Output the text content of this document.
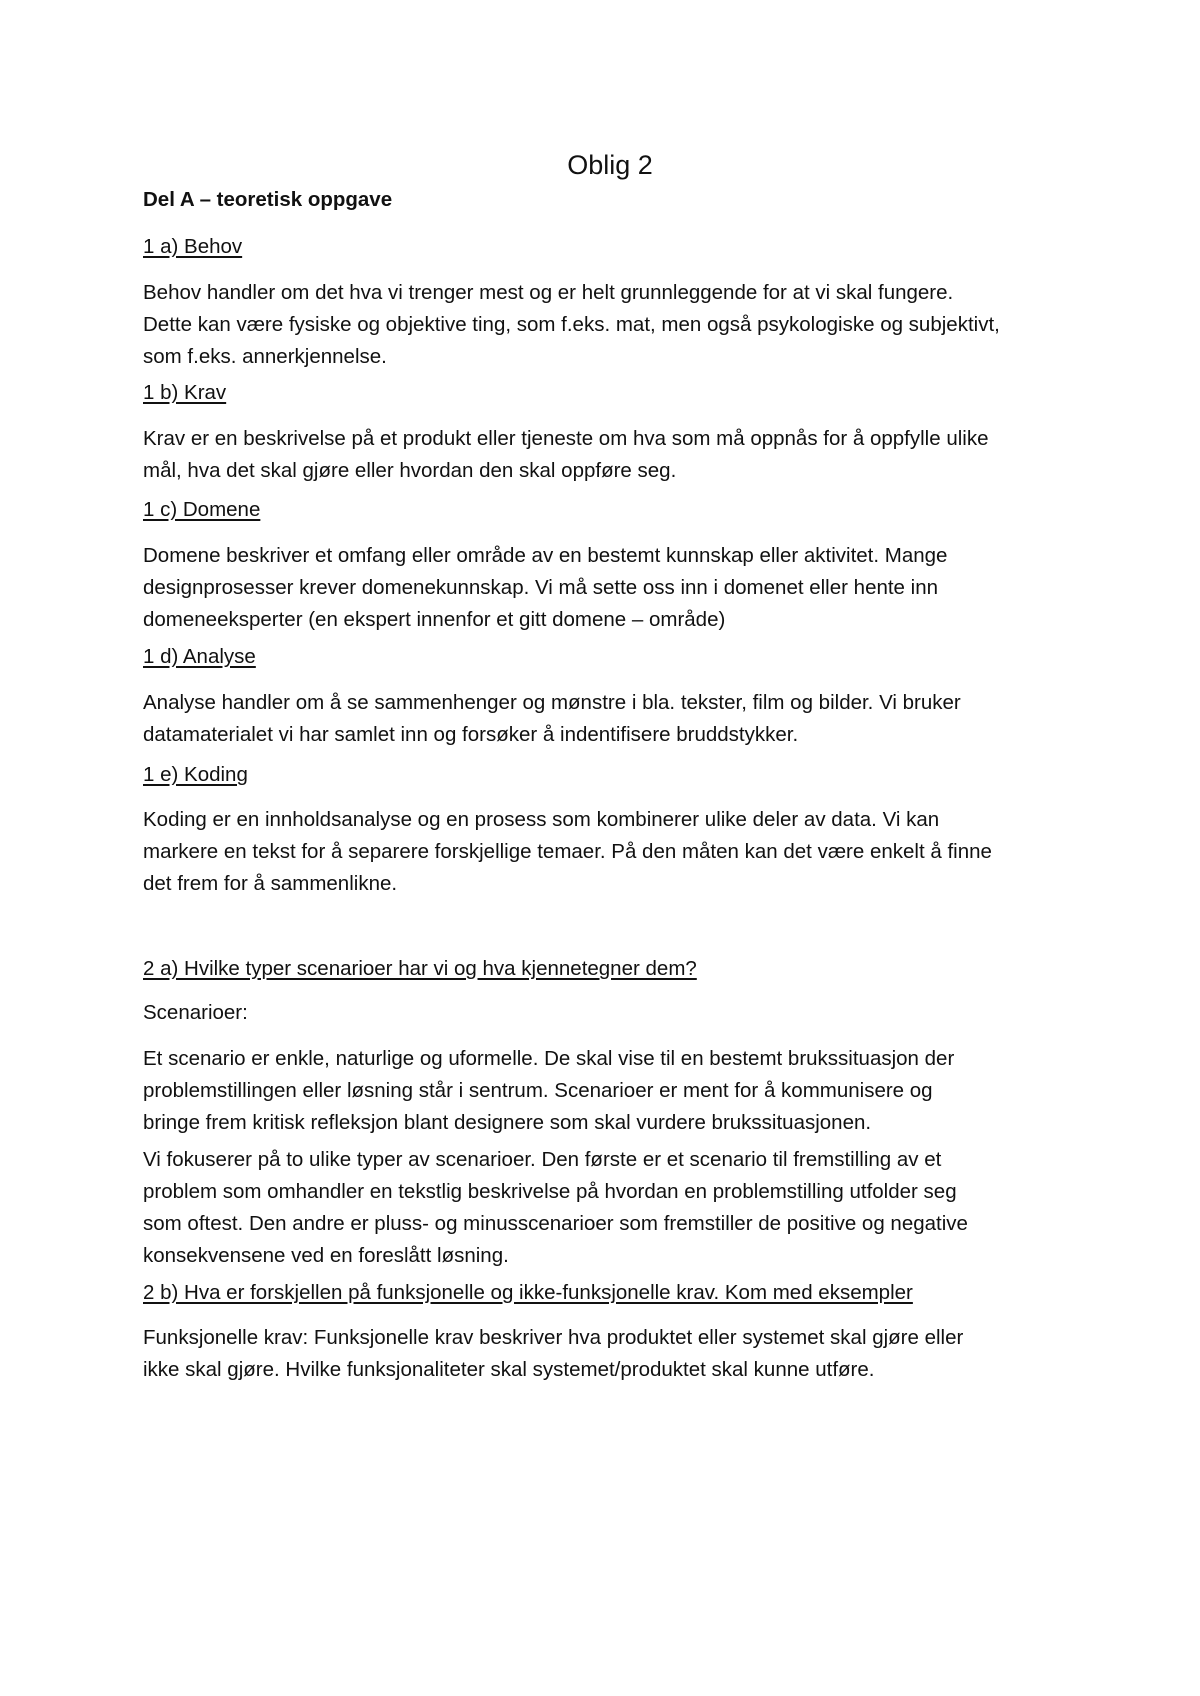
Oblig 2

Del A – teoretisk oppgave

1 a) Behov

Behov handler om det hva vi trenger mest og er helt grunnleggende for at vi skal fungere.
Dette kan være fysiske og objektive ting, som f.eks. mat, men også psykologiske og subjektivt,
som f.eks. annerkjennelse.

1 b) Krav

Krav er en beskrivelse på et produkt eller tjeneste om hva som må oppnås for å oppfylle ulike
mål, hva det skal gjøre eller hvordan den skal oppføre seg.

1 c) Domene

Domene beskriver et omfang eller område av en bestemt kunnskap eller aktivitet. Mange
designprosesser krever domenekunnskap. Vi må sette oss inn i domenet eller hente inn
domeneeksperter (en ekspert innenfor et gitt domene – område)

1 d) Analyse

Analyse handler om å se sammenhenger og mønstre i bla. tekster, film og bilder. Vi bruker
datamaterialet vi har samlet inn og forsøker å indentifisere bruddstykker.

1 e) Koding

Koding er en innholdsanalyse og en prosess som kombinerer ulike deler av data. Vi kan
markere en tekst for å separere forskjellige temaer. På den måten kan det være enkelt å finne
det frem for å sammenlikne.

2 a) Hvilke typer scenarioer har vi og hva kjennetegner dem?

Scenarioer:

Et scenario er enkle, naturlige og uformelle. De skal vise til en bestemt brukssituasjon der
problemstillingen eller løsning står i sentrum. Scenarioer er ment for å kommunisere og
bringe frem kritisk refleksjon blant designere som skal vurdere brukssituasjonen.
Vi fokuserer på to ulike typer av scenarioer. Den første er et scenario til fremstilling av et
problem som omhandler en tekstlig beskrivelse på hvordan en problemstilling utfolder seg
som oftest. Den andre er pluss- og minusscenarioer som fremstiller de positive og negative
konsekvensene ved en foreslått løsning.

2 b) Hva er forskjellen på funksjonelle og ikke-funksjonelle krav. Kom med eksempler

Funksjonelle krav: Funksjonelle krav beskriver hva produktet eller systemet skal gjøre eller
ikke skal gjøre. Hvilke funksjonaliteter skal systemet/produktet skal kunne utføre.
